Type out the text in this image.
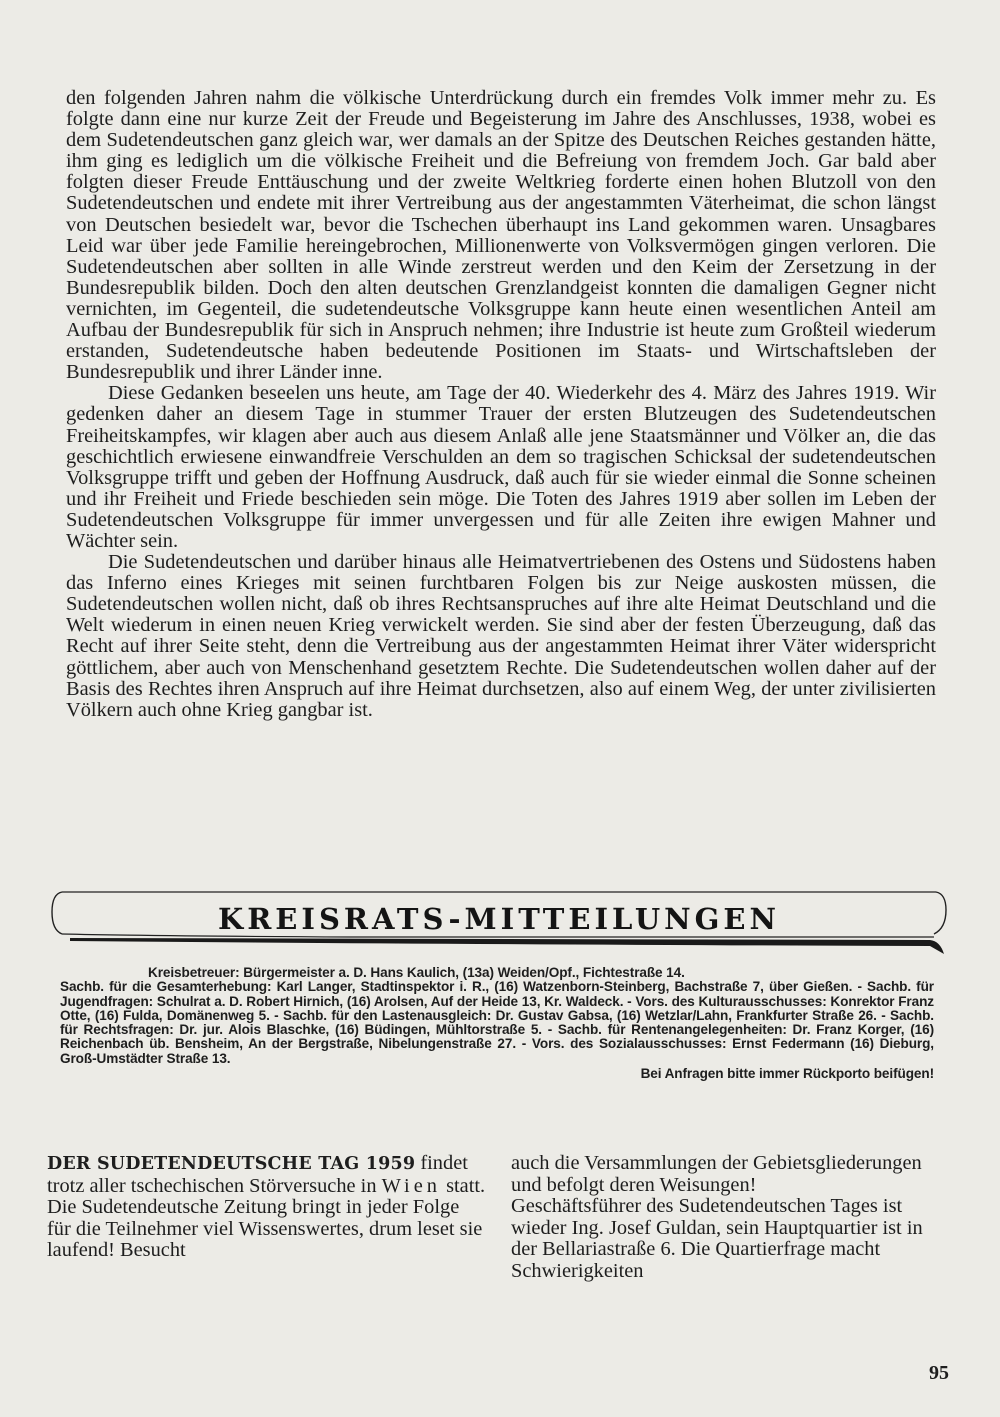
den folgenden Jahren nahm die völkische Unterdrückung durch ein fremdes Volk immer mehr zu. Es folgte dann eine nur kurze Zeit der Freude und Begeisterung im Jahre des Anschlusses, 1938, wobei es dem Sudetendeutschen ganz gleich war, wer damals an der Spitze des Deutschen Reiches gestanden hätte, ihm ging es lediglich um die völkische Freiheit und die Befreiung von fremdem Joch. Gar bald aber folgten dieser Freude Enttäuschung und der zweite Weltkrieg forderte einen hohen Blutzoll von den Sudetendeutschen und endete mit ihrer Vertreibung aus der angestammten Väterheimat, die schon längst von Deutschen besiedelt war, bevor die Tschechen überhaupt ins Land gekommen waren. Unsagbares Leid war über jede Familie hereingebrochen, Millionenwerte von Volksvermögen gingen verloren. Die Sudetendeutschen aber sollten in alle Winde zerstreut werden und den Keim der Zersetzung in der Bundesrepublik bilden. Doch den alten deutschen Grenzlandgeist konnten die damaligen Gegner nicht vernichten, im Gegenteil, die sudetendeutsche Volksgruppe kann heute einen wesentlichen Anteil am Aufbau der Bundesrepublik für sich in Anspruch nehmen; ihre Industrie ist heute zum Großteil wiederum erstanden, Sudetendeutsche haben bedeutende Positionen im Staats- und Wirtschaftsleben der Bundesrepublik und ihrer Länder inne.

Diese Gedanken beseelen uns heute, am Tage der 40. Wiederkehr des 4. März des Jahres 1919. Wir gedenken daher an diesem Tage in stummer Trauer der ersten Blutzeugen des Sudetendeutschen Freiheitskampfes, wir klagen aber auch aus diesem Anlaß alle jene Staatsmänner und Völker an, die das geschichtlich erwiesene einwandfreie Verschulden an dem so tragischen Schicksal der sudetendeutschen Volksgruppe trifft und geben der Hoffnung Ausdruck, daß auch für sie wieder einmal die Sonne scheinen und ihr Freiheit und Friede beschieden sein möge. Die Toten des Jahres 1919 aber sollen im Leben der Sudetendeutschen Volksgruppe für immer unvergessen und für alle Zeiten ihre ewigen Mahner und Wächter sein.

Die Sudetendeutschen und darüber hinaus alle Heimatvertriebenen des Ostens und Südostens haben das Inferno eines Krieges mit seinen furchtbaren Folgen bis zur Neige auskosten müssen, die Sudetendeutschen wollen nicht, daß ob ihres Rechtsanspruches auf ihre alte Heimat Deutschland und die Welt wiederum in einen neuen Krieg verwickelt werden. Sie sind aber der festen Überzeugung, daß das Recht auf ihrer Seite steht, denn die Vertreibung aus der angestammten Heimat ihrer Väter widerspricht göttlichem, aber auch von Menschenhand gesetztem Rechte. Die Sudetendeutschen wollen daher auf der Basis des Rechtes ihren Anspruch auf ihre Heimat durchsetzen, also auf einem Weg, der unter zivilisierten Völkern auch ohne Krieg gangbar ist.

KREISRATS-MITTEILUNGEN
Kreisbetreuer: Bürgermeister a. D. Hans Kaulich, (13a) Weiden/Opf., Fichtestraße 14.
Sachb. für die Gesamterhebung: Karl Langer, Stadtinspektor i. R., (16) Watzenborn-Steinberg, Bachstraße 7, über Gießen. - Sachb. für Jugendfragen: Schulrat a. D. Robert Hirnich, (16) Arolsen, Auf der Heide 13, Kr. Waldeck. - Vors. des Kulturausschusses: Konrektor Franz Otte, (16) Fulda, Domänenweg 5. - Sachb. für den Lastenausgleich: Dr. Gustav Gabsa, (16) Wetzlar/Lahn, Frankfurter Straße 26. - Sachb. für Rechtsfragen: Dr. jur. Alois Blaschke, (16) Büdingen, Mühltorstraße 5. - Sachb. für Rentenangelegenheiten: Dr. Franz Korger, (16) Reichenbach üb. Bensheim, An der Bergstraße, Nibelungenstraße 27. - Vors. des Sozialausschusses: Ernst Federmann (16) Dieburg, Groß-Umstädter Straße 13.
Bei Anfragen bitte immer Rückporto beifügen!

DER SUDETENDEUTSCHE TAG 1959 findet trotz aller tschechischen Störversuche in Wien statt.

Die Sudetendeutsche Zeitung bringt in jeder Folge für die Teilnehmer viel Wissenswertes, drum leset sie laufend! Besucht

auch die Versammlungen der Gebietsgliederungen und befolgt deren Weisungen!

Geschäftsführer des Sudetendeutschen Tages ist wieder Ing. Josef Guldan, sein Hauptquartier ist in der Bellariastraße 6. Die Quartierfrage macht Schwierigkeiten

95
